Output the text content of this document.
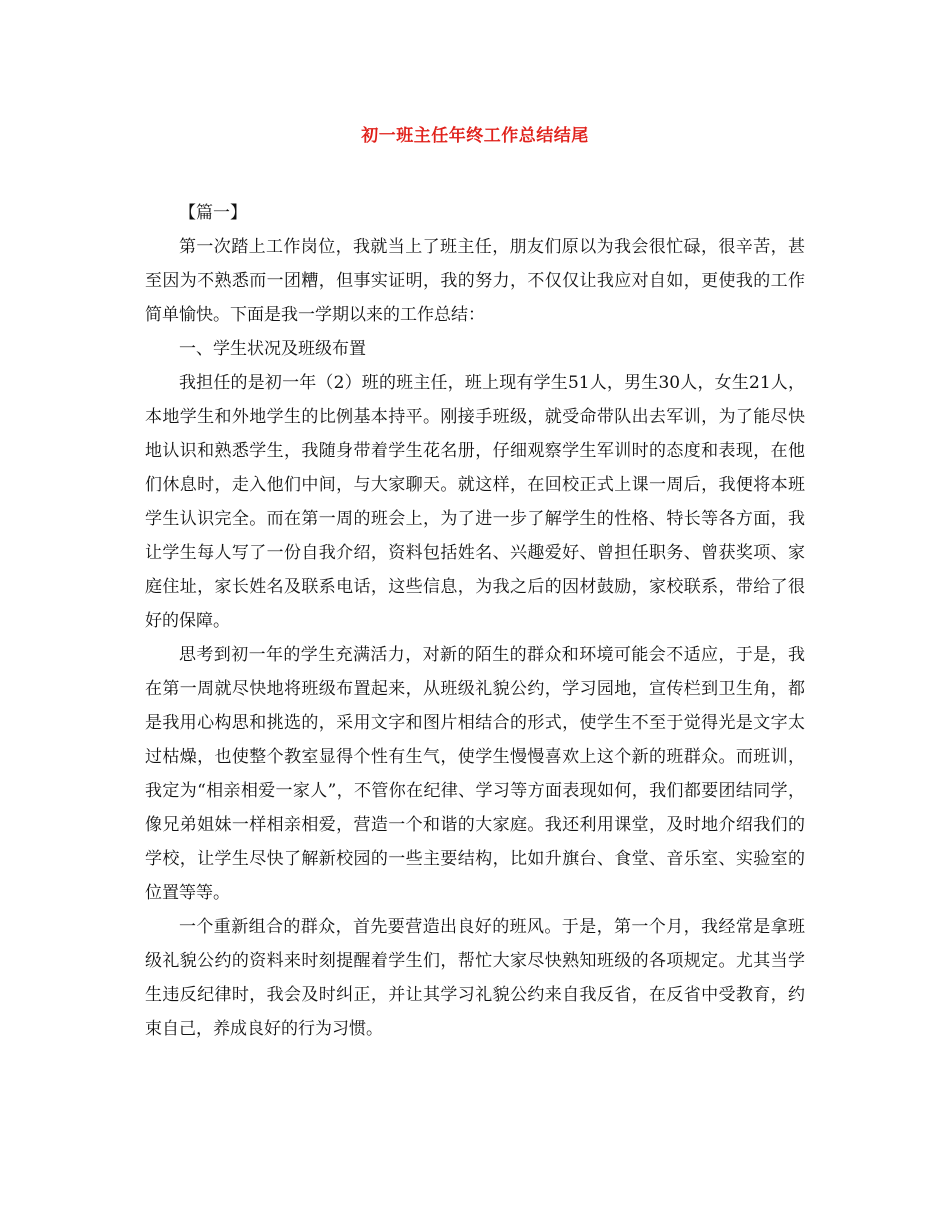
初一班主任年终工作总结结尾

【篇一】

第一次踏上工作岗位，我就当上了班主任，朋友们原以为我会很忙碌，很辛苦，甚至因为不熟悉而一团糟，但事实证明，我的努力，不仅仅让我应对自如，更使我的工作简单愉快。下面是我一学期以来的工作总结：

一、学生状况及班级布置

我担任的是初一年（2）班的班主任，班上现有学生51人，男生30人，女生21人，本地学生和外地学生的比例基本持平。刚接手班级，就受命带队出去军训，为了能尽快地认识和熟悉学生，我随身带着学生花名册，仔细观察学生军训时的态度和表现，在他们休息时，走入他们中间，与大家聊天。就这样，在回校正式上课一周后，我便将本班学生认识完全。而在第一周的班会上，为了进一步了解学生的性格、特长等各方面，我让学生每人写了一份自我介绍，资料包括姓名、兴趣爱好、曾担任职务、曾获奖项、家庭住址，家长姓名及联系电话，这些信息，为我之后的因材鼓励，家校联系，带给了很好的保障。

思考到初一年的学生充满活力，对新的陌生的群众和环境可能会不适应，于是，我在第一周就尽快地将班级布置起来，从班级礼貌公约，学习园地，宣传栏到卫生角，都是我用心构思和挑选的，采用文字和图片相结合的形式，使学生不至于觉得光是文字太过枯燥，也使整个教室显得个性有生气，使学生慢慢喜欢上这个新的班群众。而班训，我定为“相亲相爱一家人”，不管你在纪律、学习等方面表现如何，我们都要团结同学，像兄弟姐妹一样相亲相爱，营造一个和谐的大家庭。我还利用课堂，及时地介绍我们的学校，让学生尽快了解新校园的一些主要结构，比如升旗台、食堂、音乐室、实验室的位置等等。

一个重新组合的群众，首先要营造出良好的班风。于是，第一个月，我经常是拿班级礼貌公约的资料来时刻提醒着学生们，帮忙大家尽快熟知班级的各项规定。尤其当学生违反纪律时，我会及时纠正，并让其学习礼貌公约来自我反省，在反省中受教育，约束自己，养成良好的行为习惯。
